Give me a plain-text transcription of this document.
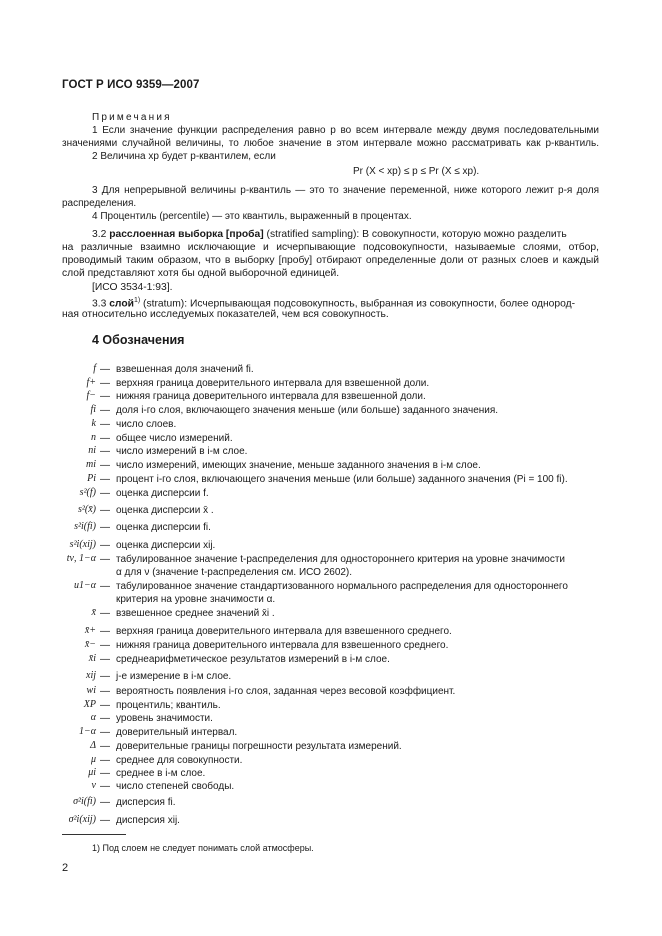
ГОСТ Р ИСО 9359—2007
Примечания
1 Если значение функции распределения равно p во всем интервале между двумя последовательными
значениями случайной величины, то любое значение в этом интервале можно рассматривать как p-квантиль.
2 Величина xp будет p-квантилем, если
Pr (X < xp) ≤ p ≤ Pr (X ≤ xp).
3 Для непрерывной величины p-квантиль — это то значение переменной, ниже которого лежит p-я доля
распределения.
4 Процентиль (percentile) — это квантиль, выраженный в процентах.
3.2 расслоенная выборка [проба] (stratified sampling): В совокупности, которую можно разделить
на различные взаимно исключающие и исчерпывающие подсовокупности, называемые слоями, отбор,
проводимый таким образом, что в выборку [пробу] отбирают определенные доли от разных слоев и каждый
слой представляют хотя бы одной выборочной единицей.
[ИСО 3534-1:93].
3.3 слой$^{1)}$ (stratum): Исчерпывающая подсовокупность, выбранная из совокупности, более однород-
ная относительно исследуемых показателей, чем вся совокупность.
4 Обозначения
f — взвешенная доля значений fi.
f+ — верхняя граница доверительного интервала для взвешенной доли.
f− — нижняя граница доверительного интервала для взвешенной доли.
fi — доля i-го слоя, включающего значения меньше (или больше) заданного значения.
k — число слоев.
n — общее число измерений.
ni — число измерений в i-м слое.
mi — число измерений, имеющих значение, меньше заданного значения в i-м слое.
Pi — процент i-го слоя, включающего значения меньше (или больше) заданного значения (Pi = 100 fi).
s²(f) — оценка дисперсии f.
s²(x̄) — оценка дисперсии x̄ .
s²i(fi) — оценка дисперсии fi.
s²i(xij) — оценка дисперсии xij.
tν, 1−α — табулированное значение t-распределения для одностороннего критерия на уровне значимости
α для ν (значение t-распределения см. ИСО 2602).
u1−α — табулированное значение стандартизованного нормального распределения для одностороннего
критерия на уровне значимости α.
x̄ — взвешенное среднее значений x̄i .
x̄+ — верхняя граница доверительного интервала для взвешенного среднего.
x̄− — нижняя граница доверительного интервала для взвешенного среднего.
x̄i — среднеарифметическое результатов измерений в i-м слое.
xij — j-е измерение в i-м слое.
wi — вероятность появления i-го слоя, заданная через весовой коэффициент.
XP — процентиль; квантиль.
α — уровень значимости.
1−α — доверительный интервал.
Δ — доверительные границы погрешности результата измерений.
μ — среднее для совокупности.
μi — среднее в i-м слое.
ν — число степеней свободы.
σ²i(fi) — дисперсия fi.
σ²i(xij) — дисперсия xij.
1) Под слоем не следует понимать слой атмосферы.
2
